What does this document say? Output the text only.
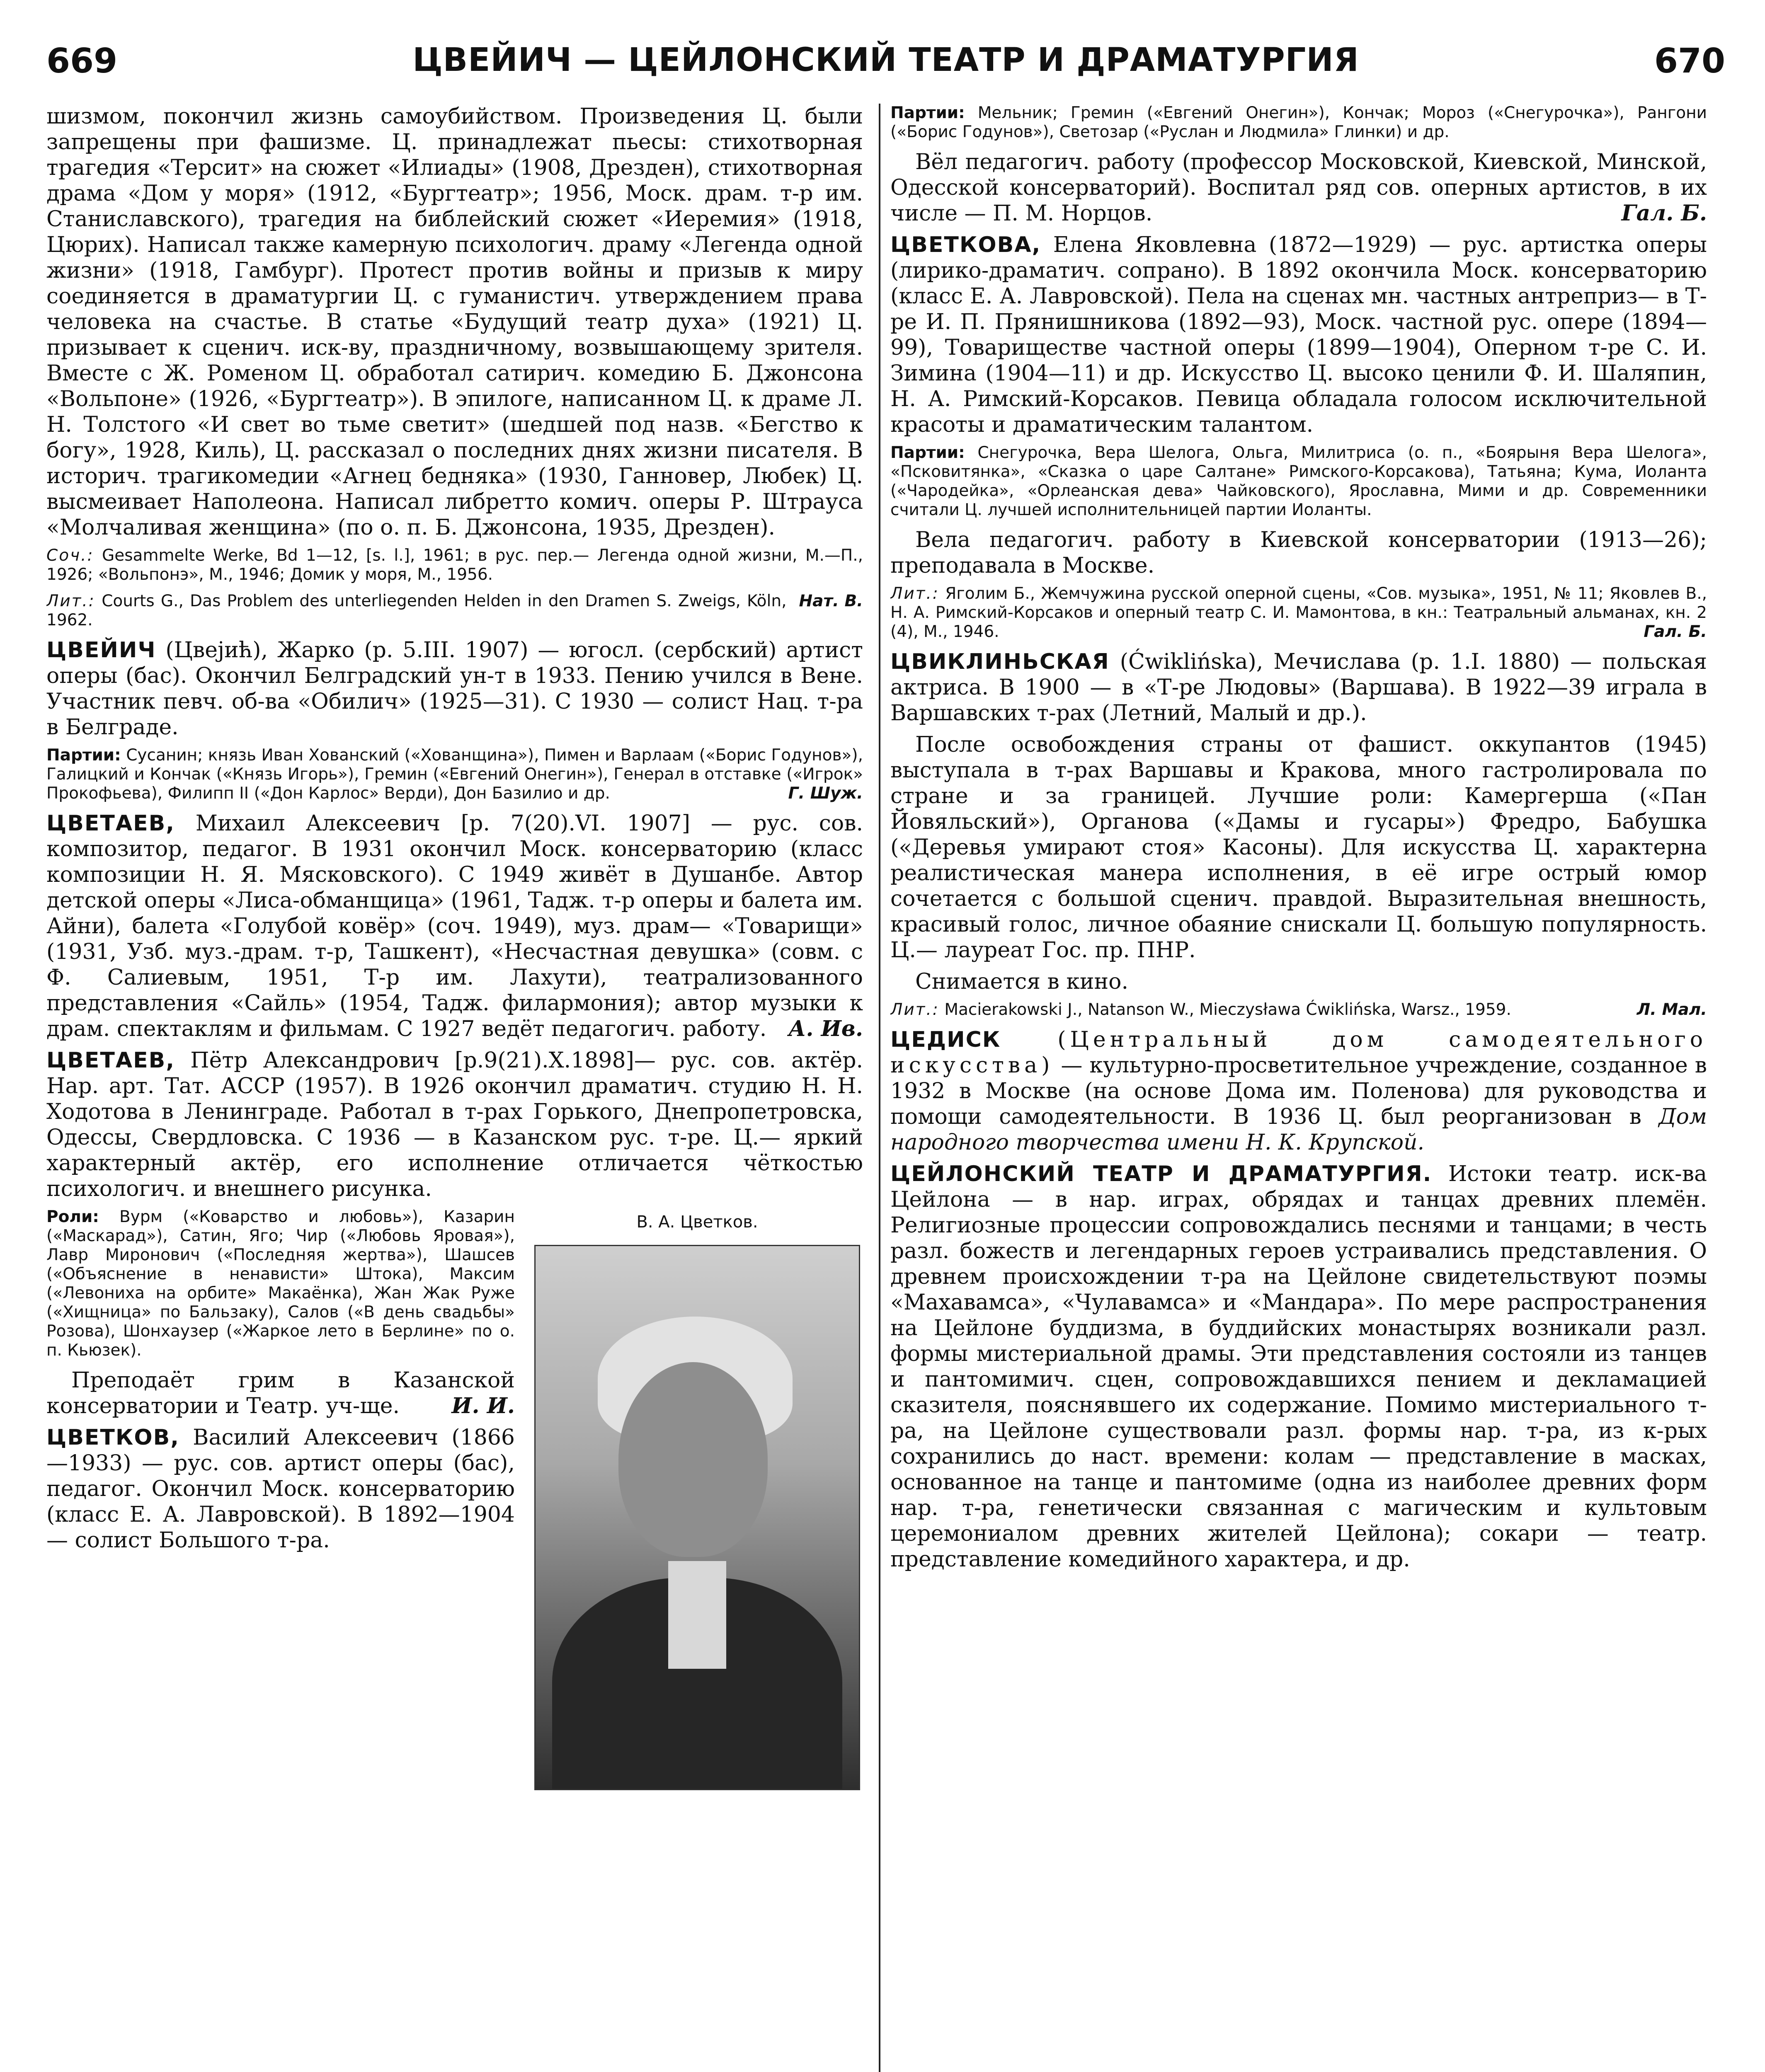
669	ЦВЕЙИЧ — ЦЕЙЛОНСКИЙ ТЕАТР И ДРАМАТУРГИЯ	670

шизмом, покончил жизнь самоубийством. Произведения Ц. были запрещены при фашизме. Ц. принадлежат пьесы: стихотворная трагедия «Терсит» на сюжет «Илиады» (1908, Дрезден), стихотворная драма «Дом у моря» (1912, «Бургтеатр»; 1956, Моск. драм. т-р им. Станиславского), трагедия на библейский сюжет «Иеремия» (1918, Цюрих). Написал также камерную психологич. драму «Легенда одной жизни» (1918, Гамбург). Протест против войны и призыв к миру соединяется в драматургии Ц. с гуманистич. утверждением права человека на счастье. В статье «Будущий театр духа» (1921) Ц. призывает к сценич. иск-ву, праздничному, возвышающему зрителя. Вместе с Ж. Роменом Ц. обработал сатирич. комедию Б. Джонсона «Вольпоне» (1926, «Бургтеатр»). В эпилоге, написанном Ц. к драме Л. Н. Толстого «И свет во тьме светит» (шедшей под назв. «Бегство к богу», 1928, Киль), Ц. рассказал о последних днях жизни писателя. В историч. трагикомедии «Агнец бедняка» (1930, Ганновер, Любек) Ц. высмеивает Наполеона. Написал либретто комич. оперы Р. Штрауса «Молчаливая женщина» (по о. п. Б. Джонсона, 1935, Дрезден).

Соч.: Gesammelte Werke, Bd 1—12, [s. l.], 1961; в рус. пер.— Легенда одной жизни, М.—П., 1926; «Вольпонэ», М., 1946; Домик у моря, М., 1956.

Нат. В.
Лит.: Courts G., Das Problem des unterliegenden Helden in den Dramen S. Zweigs, Köln, 1962.

ЦВЕЙИЧ (Цвejић), Жарко (р. 5.III. 1907) — югосл. (сербский) артист оперы (бас). Окончил Белградский ун-т в 1933. Пению учился в Вене. Участник певч. об-ва «Обилич» (1925—31). С 1930 — солист Нац. т-ра в Белграде.

Партии: Сусанин; князь Иван Хованский («Хованщина»), Пимен и Варлаам («Борис Годунов»), Галицкий и Кончак («Князь Игорь»), Гремин («Евгений Онегин»), Генерал в отставке («Игрок» Прокофьева), Филипп II («Дон Карлос» Верди), Дон Базилио и др.	Г. Шуж.

ЦВЕТАЕВ, Михаил Алексеевич [р. 7(20).VI. 1907] — рус. сов. композитор, педагог. В 1931 окончил Моск. консерваторию (класс композиции Н. Я. Мясковского). С 1949 живёт в Душанбе. Автор детской оперы «Лиса-обманщица» (1961, Тадж. т-р оперы и балета им. Айни), балета «Голубой ковёр» (соч. 1949), муз. драм— «Товарищи» (1931, Узб. муз.-драм. т-р, Ташкент), «Несчастная девушка» (совм. с Ф. Салиевым, 1951, Т-р им. Лахути), театрализованного представления «Сайль» (1954, Тадж. филармония); автор музыки к драм. спектаклям и фильмам. С 1927 ведёт педагогич. работу. А. Ив.

ЦВЕТАЕВ, Пётр Александрович [р.9(21).X.1898]— рус. сов. актёр. Нар. арт. Тат. АССР (1957). В 1926 окончил драматич. студию Н. Н. Ходотова в Ленинграде. Работал в т-рах Горького, Днепропетровска, Одессы, Свердловска. С 1936 — в Казанском рус. т-ре. Ц.— яркий характерный актёр, его исполнение отличается чёткостью психологич. и внешнего рисунка.

В. А. Цветков.

Роли: Вурм («Коварство и любовь»), Казарин («Маскарад»), Сатин, Яго; Чир («Любовь Яровая»), Лавр Миронович («Последняя жертва»), Шашсев («Объяснение в ненависти» Штока), Максим («Левониха на орбите» Макаёнка), Жан Жак Руже («Хищница» по Бальзаку), Салов («В день свадьбы» Розова), Шонхаузер («Жаркое лето в Берлине» по о. п. Кьюзек).

Преподаёт грим в Казанской консерватории и Театр. уч-ще.	И. И.

ЦВЕТКОВ, Василий Алексеевич (1866—1933) — рус. сов. артист оперы (бас), педагог. Окончил Моск. консерваторию (класс Е. А. Лавровской). В 1892—1904 — солист Большого т-ра.

Партии: Мельник; Гремин («Евгений Онегин»), Кончак; Мороз («Снегурочка»), Рангони («Борис Годунов»), Светозар («Руслан и Людмила» Глинки) и др.

Вёл педагогич. работу (профессор Московской, Киевской, Минской, Одесской консерваторий). Воспитал ряд сов. оперных артистов, в их числе — П. М. Норцов.	Гал. Б.

ЦВЕТКОВА, Елена Яковлевна (1872—1929) — рус. артистка оперы (лирико-драматич. сопрано). В 1892 окончила Моск. консерваторию (класс Е. А. Лавровской). Пела на сценах мн. частных антреприз— в Т-ре И. П. Прянишникова (1892—93), Моск. частной рус. опере (1894—99), Товариществе частной оперы (1899—1904), Оперном т-ре С. И. Зимина (1904—11) и др. Искусство Ц. высоко ценили Ф. И. Шаляпин, Н. А. Римский-Корсаков. Певица обладала голосом исключительной красоты и драматическим талантом.

Партии: Снегурочка, Вера Шелога, Ольга, Милитриса (о. п., «Боярыня Вера Шелога», «Псковитянка», «Сказка о царе Салтане» Римского-Корсакова), Татьяна; Кума, Иоланта («Чародейка», «Орлеанская дева» Чайковского), Ярославна, Мими и др. Современники считали Ц. лучшей исполнительницей партии Иоланты.

Вела педагогич. работу в Киевской консерватории (1913—26); преподавала в Москве.

Лит.: Яголим Б., Жемчужина русской оперной сцены, «Сов. музыка», 1951, № 11; Яковлев В., Н. А. Римский-Корсаков и оперный театр С. И. Мамонтова, в кн.: Театральный альманах, кн. 2 (4), М., 1946.	Гал. Б.

ЦВИКЛИНЬСКАЯ (Ćwiklińska), Мечислава (р. 1.I. 1880) — польская актриса. В 1900 — в «Т-ре Людовы» (Варшава). В 1922—39 играла в Варшавских т-рах (Летний, Малый и др.).

После освобождения страны от фашист. оккупантов (1945) выступала в т-рах Варшавы и Кракова, много гастролировала по стране и за границей. Лучшие роли: Камергерша («Пан Йовяльский»), Органова («Дамы и гусары») Фредро, Бабушка («Деревья умирают стоя» Касоны). Для искусства Ц. характерна реалистическая манера исполнения, в её игре острый юмор сочетается с большой сценич. правдой. Выразительная внешность, красивый голос, личное обаяние снискали Ц. большую популярность. Ц.— лауреат Гос. пр. ПНР.

Снимается в кино.

Лит.: Macierakowski J., Natanson W., Mieczysława Ćwiklińska, Warsz., 1959.	Л. Мал.

ЦЕДИСК	(Центральный дом самодеятельного искусства) — культурно-просветительное учреждение, созданное в 1932 в Москве (на основе Дома им. Поленова) для руководства и помощи самодеятельности. В 1936 Ц. был реорганизован в Дом народного творчества имени Н. К. Крупской.

ЦЕЙЛОНСКИЙ ТЕАТР И ДРАМАТУРГИЯ. Истоки театр. иск-ва Цейлона — в нар. играх, обрядах и танцах древних племён. Религиозные процессии сопровождались песнями и танцами; в честь разл. божеств и легендарных героев устраивались представления. О древнем происхождении т-ра на Цейлоне свидетельствуют поэмы «Махавамса», «Чулавамса» и «Мандара». По мере распространения на Цейлоне буддизма, в буддийских монастырях возникали разл. формы мистериальной драмы. Эти представления состояли из танцев и пантомимич. сцен, сопровождавшихся пением и декламацией сказителя, пояснявшего их содержание. Помимо мистериального т-ра, на Цейлоне существовали разл. формы нар. т-ра, из к-рых сохранились до наст. времени: колам — представление в масках, основанное на танце и пантомиме (одна из наиболее древних форм нар. т-ра, генетически связанная с магическим и культовым церемониалом древних жителей Цейлона); сокари — театр. представление комедийного характера, и др.
